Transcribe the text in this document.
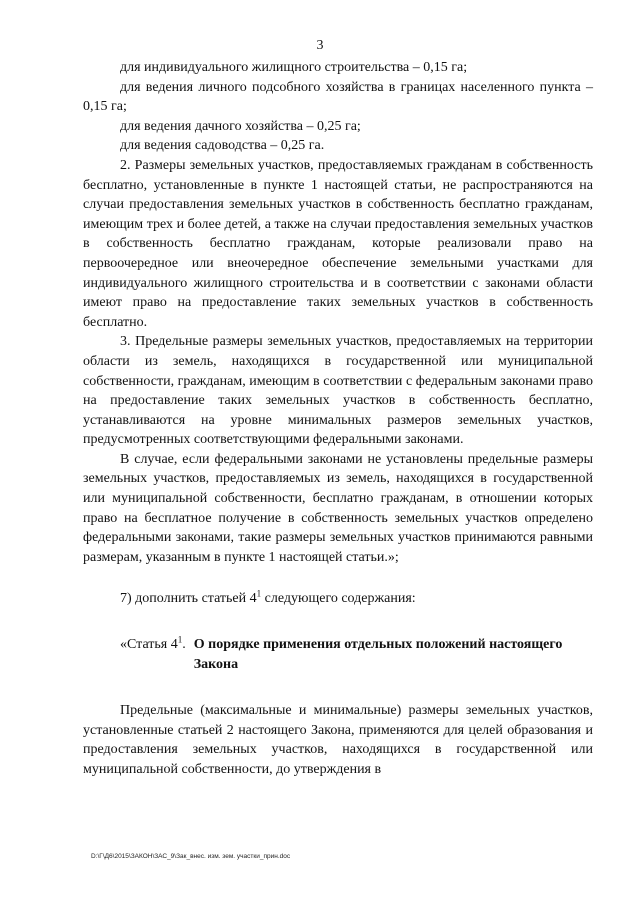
3

для индивидуального жилищного строительства – 0,15 га;

для ведения личного подсобного хозяйства в границах населенного пункта – 0,15 га;

для ведения дачного хозяйства – 0,25 га;

для ведения садоводства – 0,25 га.

2. Размеры земельных участков, предоставляемых гражданам в собственность бесплатно, установленные в пункте 1 настоящей статьи, не распространяются на случаи предоставления земельных участков в собственность бесплатно гражданам, имеющим трех и более детей, а также на случаи предоставления земельных участков в собственность бесплатно гражданам, которые реализовали право на первоочередное или внеочередное обеспечение земельными участками для индивидуального жилищного строительства и в соответствии с законами области имеют право на предоставление таких земельных участков в собственность бесплатно.

3. Предельные размеры земельных участков, предоставляемых на территории области из земель, находящихся в государственной или муниципальной собственности, гражданам, имеющим в соответствии с федеральным законами право на предоставление таких земельных участков в собственность бесплатно, устанавливаются на уровне минимальных размеров земельных участков, предусмотренных соответствующими федеральными законами.

В случае, если федеральными законами не установлены предельные размеры земельных участков, предоставляемых из земель, находящихся в государственной или муниципальной собственности, бесплатно гражданам, в отношении которых право на бесплатное получение в собственность земельных участков определено федеральными законами, такие размеры земельных участков принимаются равными размерам, указанным в пункте 1 настоящей статьи.»;

7) дополнить статьей $4^1$ следующего содержания:

«Статья $4^1$. О порядке применения отдельных положений настоящего Закона

Предельные (максимальные и минимальные) размеры земельных участков, установленные статьей 2 настоящего Закона, применяются для целей образования и предоставления земельных участков, находящихся в государственной или муниципальной собственности, до утверждения в

D:\Г\Д6\2015\ЗАКОН\ЗАС_9\Зак_внес. изм. зем. участки_прин.doc
